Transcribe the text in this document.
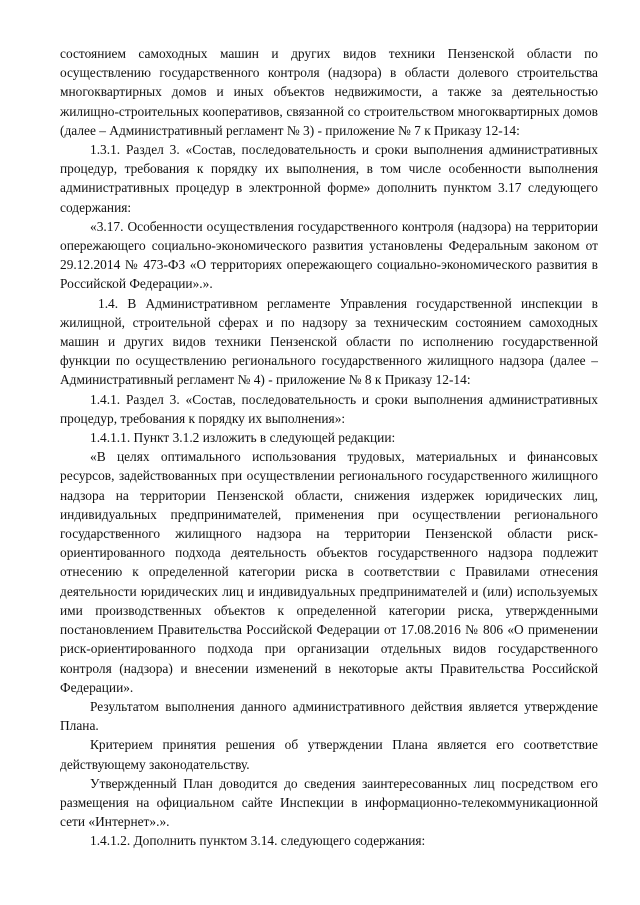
состоянием самоходных машин и других видов техники Пензенской области по осуществлению государственного контроля (надзора) в области долевого строительства многоквартирных домов и иных объектов недвижимости, а также за деятельностью жилищно-строительных кооперативов, связанной со строительством многоквартирных домов (далее – Административный регламент № 3) - приложение № 7 к Приказу 12-14:

1.3.1. Раздел 3. «Состав, последовательность и сроки выполнения административных процедур, требования к порядку их выполнения, в том числе особенности выполнения административных процедур в электронной форме» дополнить пунктом 3.17 следующего содержания:

«3.17. Особенности осуществления государственного контроля (надзора) на территории опережающего социально-экономического развития установлены Федеральным законом от 29.12.2014 № 473-ФЗ «О территориях опережающего социально-экономического развития в Российской Федерации».».

1.4. В Административном регламенте Управления государственной инспекции в жилищной, строительной сферах и по надзору за техническим состоянием самоходных машин и других видов техники Пензенской области по исполнению государственной функции по осуществлению регионального государственного жилищного надзора (далее – Административный регламент № 4) - приложение № 8 к Приказу 12-14:

1.4.1. Раздел 3. «Состав, последовательность и сроки выполнения административных процедур, требования к порядку их выполнения»:

1.4.1.1. Пункт 3.1.2 изложить в следующей редакции:

«В целях оптимального использования трудовых, материальных и финансовых ресурсов, задействованных при осуществлении регионального государственного жилищного надзора на территории Пензенской области, снижения издержек юридических лиц, индивидуальных предпринимателей, применения при осуществлении регионального государственного жилищного надзора на территории Пензенской области риск-ориентированного подхода деятельность объектов государственного надзора подлежит отнесению к определенной категории риска в соответствии с Правилами отнесения деятельности юридических лиц и индивидуальных предпринимателей и (или) используемых ими производственных объектов к определенной категории риска, утвержденными постановлением Правительства Российской Федерации от 17.08.2016 № 806 «О применении риск-ориентированного подхода при организации отдельных видов государственного контроля (надзора) и внесении изменений в некоторые акты Правительства Российской Федерации».

Результатом выполнения данного административного действия является утверждение Плана.

Критерием принятия решения об утверждении Плана является его соответствие действующему законодательству.

Утвержденный План доводится до сведения заинтересованных лиц посредством его размещения на официальном сайте Инспекции в информационно-телекоммуникационной сети «Интернет».».

1.4.1.2. Дополнить пунктом 3.14. следующего содержания:
